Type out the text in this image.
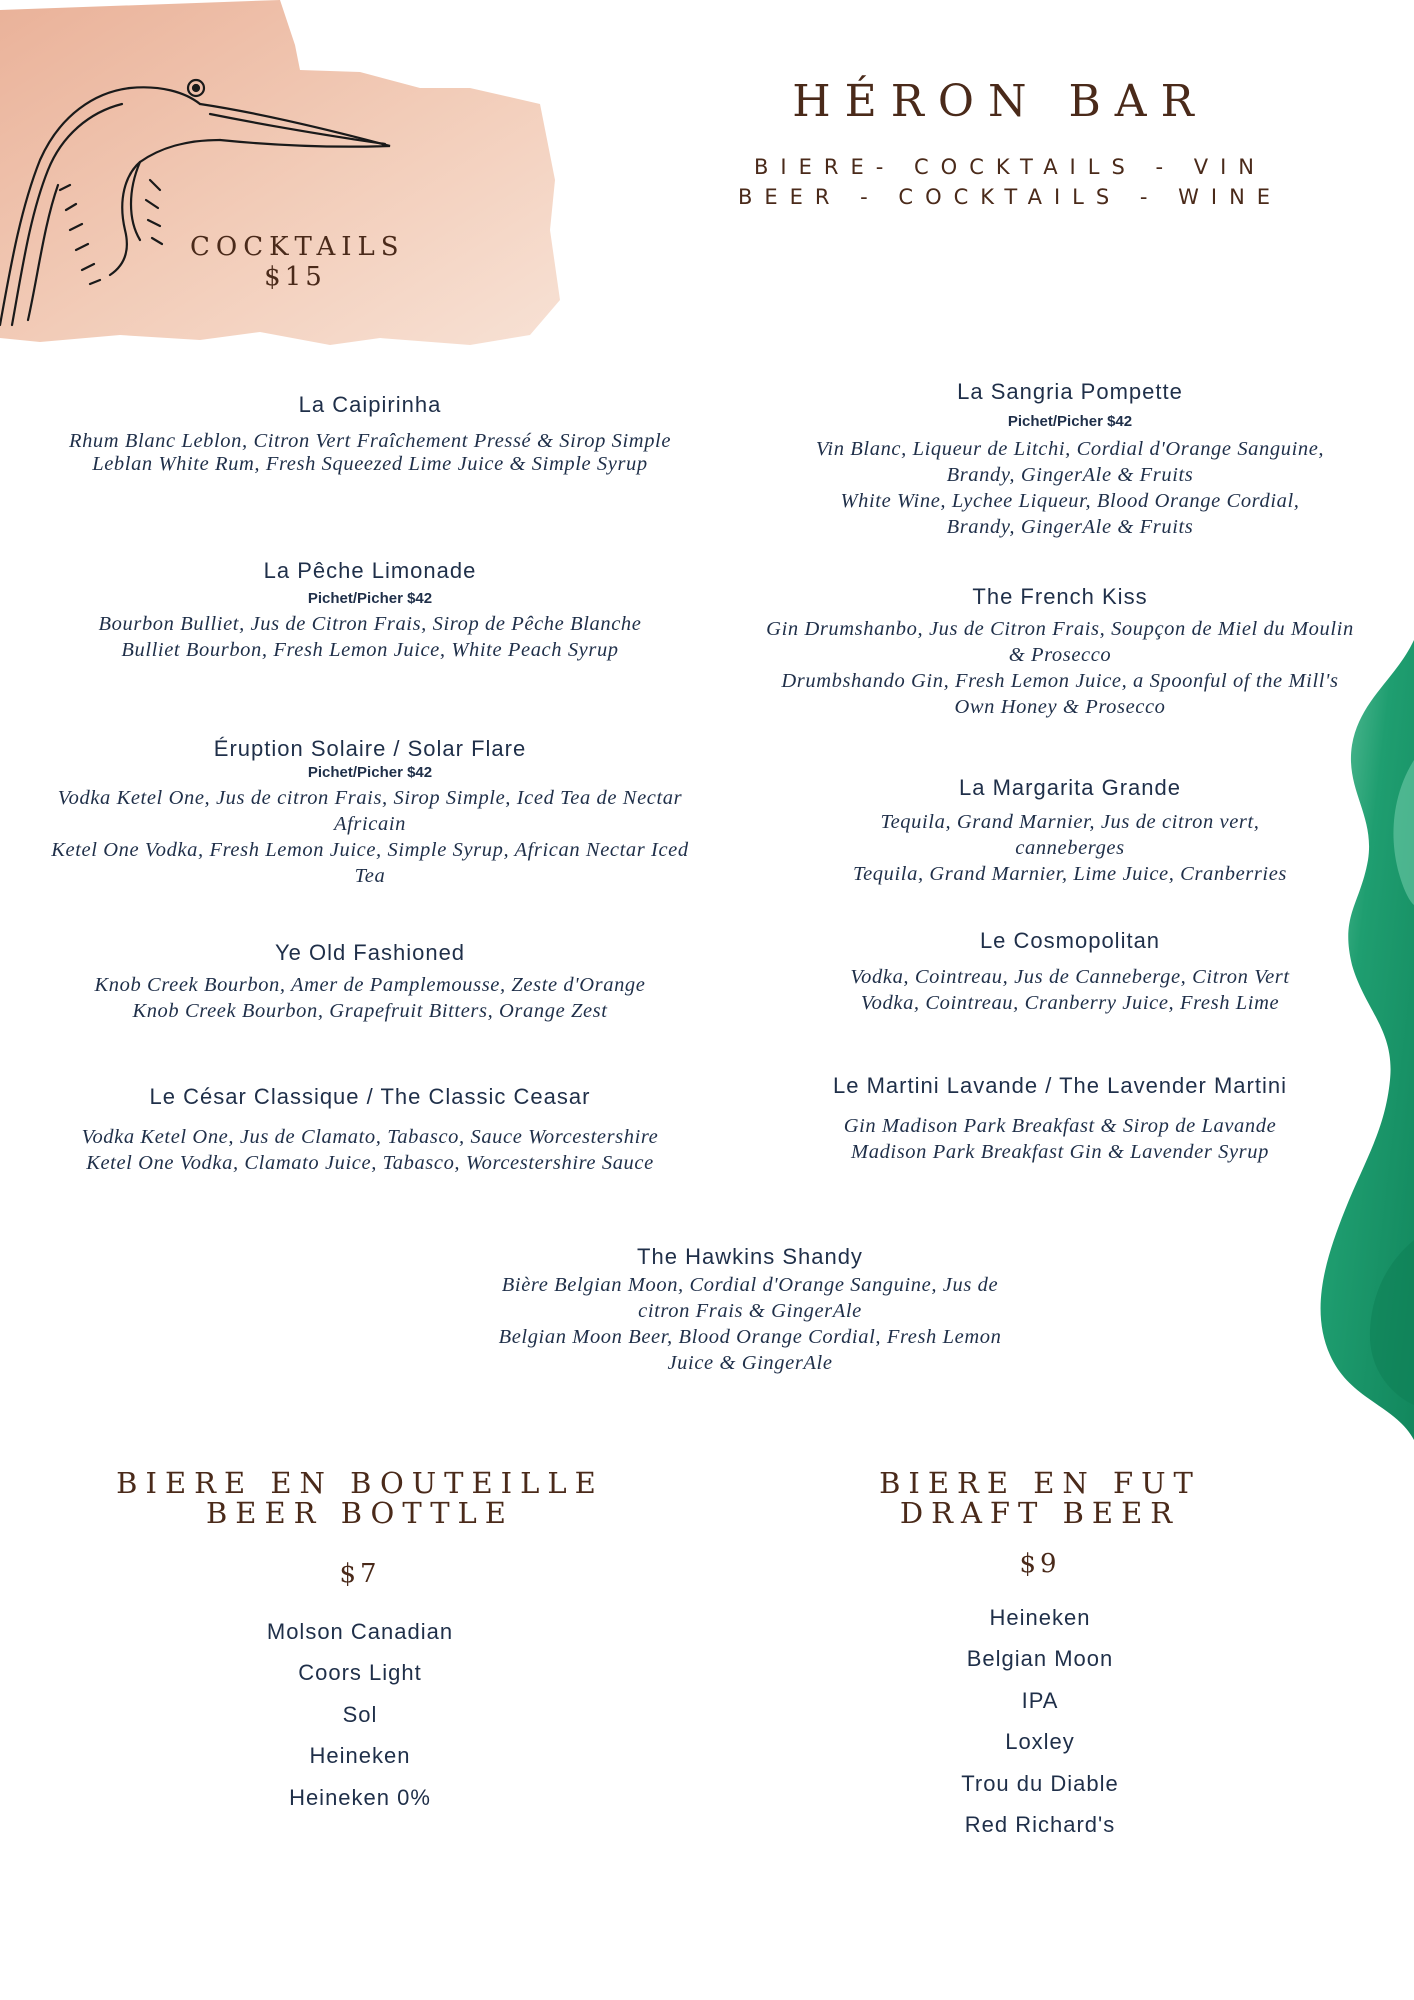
COCKTAILS
$15
HÉRON BAR
BIERE- COCKTAILS - VIN
BEER - COCKTAILS - WINE
La Caipirinha
Rhum Blanc Leblon, Citron Vert Fraîchement Pressé & Sirop Simple
Leblan White Rum, Fresh Squeezed Lime Juice & Simple Syrup
La Pêche Limonade
Pichet/Picher $42
Bourbon Bulliet, Jus de Citron Frais, Sirop de Pêche Blanche
Bulliet Bourbon, Fresh Lemon Juice, White Peach Syrup
Éruption Solaire / Solar Flare
Pichet/Picher $42
Vodka Ketel One, Jus de citron Frais, Sirop Simple, Iced Tea de Nectar
Africain
Ketel One Vodka, Fresh Lemon Juice, Simple Syrup, African Nectar Iced
Tea
Ye Old Fashioned
Knob Creek Bourbon, Amer de Pamplemousse, Zeste d'Orange
Knob Creek Bourbon, Grapefruit Bitters, Orange Zest
Le César Classique / The Classic Ceasar
Vodka Ketel One, Jus de Clamato, Tabasco, Sauce Worcestershire
Ketel One Vodka, Clamato Juice, Tabasco, Worcestershire Sauce
La Sangria Pompette
Pichet/Picher $42
Vin Blanc, Liqueur de Litchi, Cordial d'Orange Sanguine,
Brandy, GingerAle & Fruits
White Wine, Lychee Liqueur, Blood Orange Cordial,
Brandy, GingerAle & Fruits
The French Kiss
Gin Drumshanbo, Jus de Citron Frais, Soupçon de Miel du Moulin
& Prosecco
Drumbshando Gin, Fresh Lemon Juice, a Spoonful of the Mill's
Own Honey & Prosecco
La Margarita Grande
Tequila, Grand Marnier, Jus de citron vert,
canneberges
Tequila, Grand Marnier, Lime Juice, Cranberries
Le Cosmopolitan
Vodka, Cointreau, Jus de Canneberge, Citron Vert
Vodka, Cointreau, Cranberry Juice, Fresh Lime
Le Martini Lavande / The Lavender Martini
Gin Madison Park Breakfast & Sirop de Lavande
Madison Park Breakfast Gin & Lavender Syrup
The Hawkins Shandy
Bière Belgian Moon, Cordial d'Orange Sanguine, Jus de
citron Frais & GingerAle
Belgian Moon Beer, Blood Orange Cordial, Fresh Lemon
Juice & GingerAle
BIERE EN BOUTEILLE
BEER BOTTLE
$7
Molson Canadian
Coors Light
Sol
Heineken
Heineken 0%
BIERE EN FUT
DRAFT BEER
$9
Heineken
Belgian Moon
IPA
Loxley
Trou du Diable
Red Richard's
